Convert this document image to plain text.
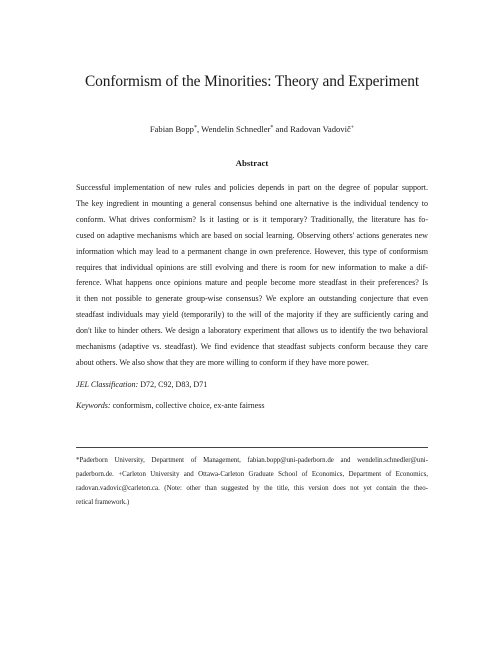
Conformism of the Minorities: Theory and Experiment
Fabian Bopp*, Wendelin Schnedler* and Radovan Vadovič+
Abstract
Successful implementation of new rules and policies depends in part on the degree of popular support.
The key ingredient in mounting a general consensus behind one alternative is the individual tendency to
conform. What drives conformism? Is it lasting or is it temporary? Traditionally, the literature has fo-
cused on adaptive mechanisms which are based on social learning. Observing others' actions generates new
information which may lead to a permanent change in own preference. However, this type of conformism
requires that individual opinions are still evolving and there is room for new information to make a dif-
ference. What happens once opinions mature and people become more steadfast in their preferences? Is
it then not possible to generate group-wise consensus? We explore an outstanding conjecture that even
steadfast individuals may yield (temporarily) to the will of the majority if they are sufficiently caring and
don't like to hinder others. We design a laboratory experiment that allows us to identify the two behavioral
mechanisms (adaptive vs. steadfast). We find evidence that steadfast subjects conform because they care
about others. We also show that they are more willing to conform if they have more power.
JEL Classification: D72, C92, D83, D71
Keywords: conformism, collective choice, ex-ante fairness
*Paderborn University, Department of Management, fabian.bopp@uni-paderborn.de and wendelin.schnedler@uni-
paderborn.de. +Carleton University and Ottawa-Carleton Graduate School of Economics, Department of Economics,
radovan.vadovic@carleton.ca. (Note: other than suggested by the title, this version does not yet contain the theo-
retical framework.)
